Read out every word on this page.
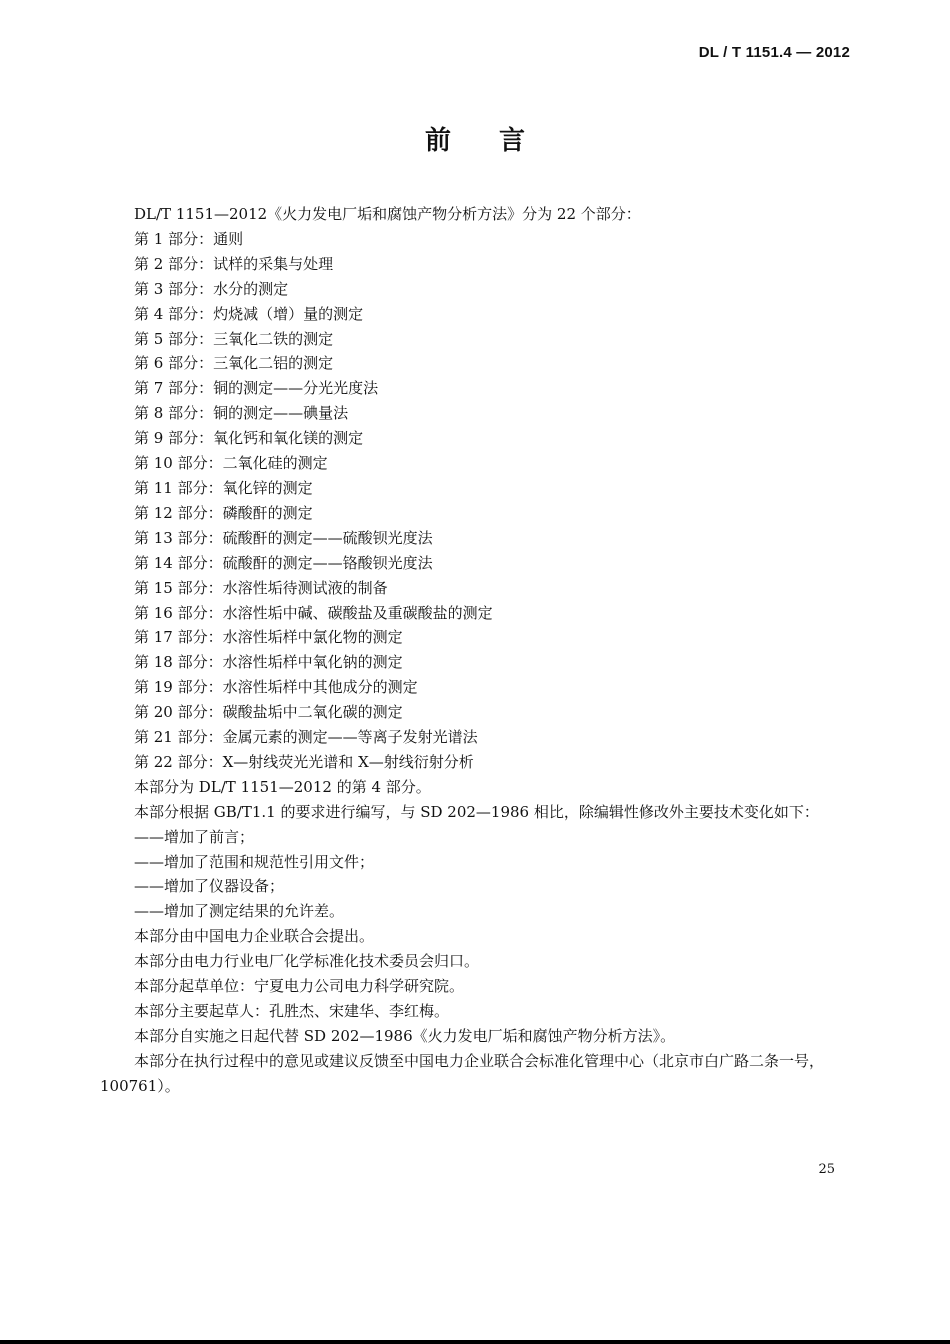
DL / T 1151.4 — 2012
前 言
DL/T 1151—2012《火力发电厂垢和腐蚀产物分析方法》分为 22 个部分：
第 1 部分：通则
第 2 部分：试样的采集与处理
第 3 部分：水分的测定
第 4 部分：灼烧减（增）量的测定
第 5 部分：三氧化二铁的测定
第 6 部分：三氧化二铝的测定
第 7 部分：铜的测定——分光光度法
第 8 部分：铜的测定——碘量法
第 9 部分：氧化钙和氧化镁的测定
第 10 部分：二氧化硅的测定
第 11 部分：氧化锌的测定
第 12 部分：磷酸酐的测定
第 13 部分：硫酸酐的测定——硫酸钡光度法
第 14 部分：硫酸酐的测定——铬酸钡光度法
第 15 部分：水溶性垢待测试液的制备
第 16 部分：水溶性垢中碱、碳酸盐及重碳酸盐的测定
第 17 部分：水溶性垢样中氯化物的测定
第 18 部分：水溶性垢样中氧化钠的测定
第 19 部分：水溶性垢样中其他成分的测定
第 20 部分：碳酸盐垢中二氧化碳的测定
第 21 部分：金属元素的测定——等离子发射光谱法
第 22 部分：X—射线荧光光谱和 X—射线衍射分析
本部分为 DL/T 1151—2012 的第 4 部分。
本部分根据 GB/T1.1 的要求进行编写，与 SD 202—1986 相比，除编辑性修改外主要技术变化如下：
——增加了前言；
——增加了范围和规范性引用文件；
——增加了仪器设备；
——增加了测定结果的允许差。
本部分由中国电力企业联合会提出。
本部分由电力行业电厂化学标准化技术委员会归口。
本部分起草单位：宁夏电力公司电力科学研究院。
本部分主要起草人：孔胜杰、宋建华、李红梅。
本部分自实施之日起代替 SD 202—1986《火力发电厂垢和腐蚀产物分析方法》。
本部分在执行过程中的意见或建议反馈至中国电力企业联合会标准化管理中心（北京市白广路二条一号，100761）。
25
